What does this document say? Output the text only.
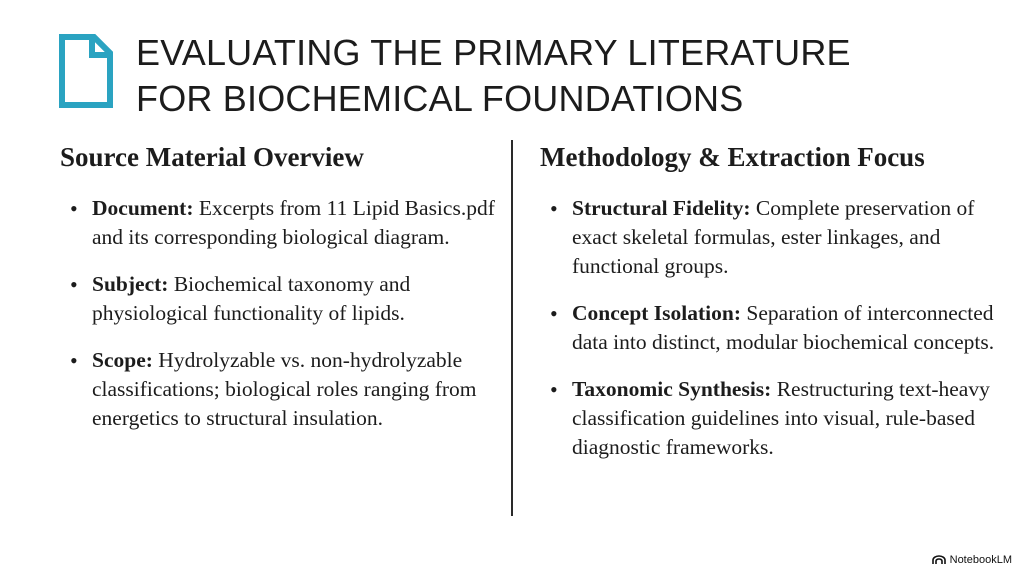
EVALUATING THE PRIMARY LITERATURE
FOR BIOCHEMICAL FOUNDATIONS
Source Material Overview
• Document: Excerpts from 11 Lipid Basics.pdf and its corresponding biological diagram.
• Subject: Biochemical taxonomy and physiological functionality of lipids.
• Scope: Hydrolyzable vs. non-hydrolyzable classifications; biological roles ranging from energetics to structural insulation.
Methodology & Extraction Focus
• Structural Fidelity: Complete preservation of exact skeletal formulas, ester linkages, and functional groups.
• Concept Isolation: Separation of interconnected data into distinct, modular biochemical concepts.
• Taxonomic Synthesis: Restructuring text-heavy classification guidelines into visual, rule-based diagnostic frameworks.
NotebookLM
